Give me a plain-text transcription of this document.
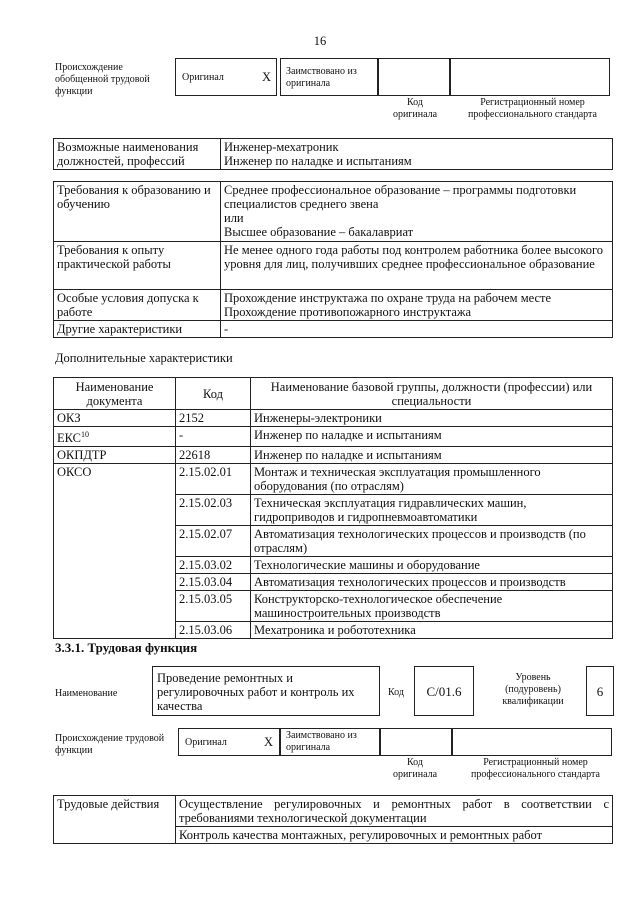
16
Происхождение обобщенной трудовой функции
Оригинал	X Заимствовано из оригинала
Код оригинала
Регистрационный номер профессионального стандарта
Возможные наименования должностей, профессий	
Инженер-мехатроник
Инженер по наладке и испытаниям
Требования к образованию и обучению	Среднее профессиональное образование – программы подготовки специалистов среднего звена
или
Высшее образование – бакалавриат

Требования к опыту практической работы	Не менее одного года работы под контролем работника более высокого уровня для лиц, получивших среднее профессиональное образование
Особые условия допуска к работе	Прохождение инструктажа по охране труда на рабочем месте
Прохождение противопожарного инструктажа

Другие характеристики	-
Дополнительные характеристики
Наименование документа	Код	Наименование базовой группы, должности (профессии) или специальности
ОКЗ	2152	Инженеры-электроники
ЕКС$^{10}$	-	Инженер по наладке и испытаниям
ОКПДТР	22618	Инженер по наладке и испытаниям
ОКСО	2.15.02.01	Монтаж и техническая эксплуатация промышленного оборудования (по отраслям)
	2.15.02.03	Техническая эксплуатация гидравлических машин, гидроприводов и гидропневмоавтоматики
	2.15.02.07	Автоматизация технологических процессов и производств (по отраслям)
	2.15.03.02	Технологические машины и оборудование
	2.15.03.04	Автоматизация технологических процессов и производств
	2.15.03.05	Конструкторско-технологическое обеспечение машиностроительных производств
	2.15.03.06	Мехатроника и робототехника
3.3.1. Трудовая функция
Наименование
Проведение ремонтных и регулировочных работ и контроль их качества
Код	С/01.6
Уровень (подуровень) квалификации
6
Происхождение трудовой функции
Оригинал	X Заимствовано из оригинала
Код оригинала
Регистрационный номер профессионального стандарта
Трудовые действия	Осуществление регулировочных и ремонтных работ в соответствии с требованиями технологической документации
Контроль качества монтажных, регулировочных и ремонтных работ
